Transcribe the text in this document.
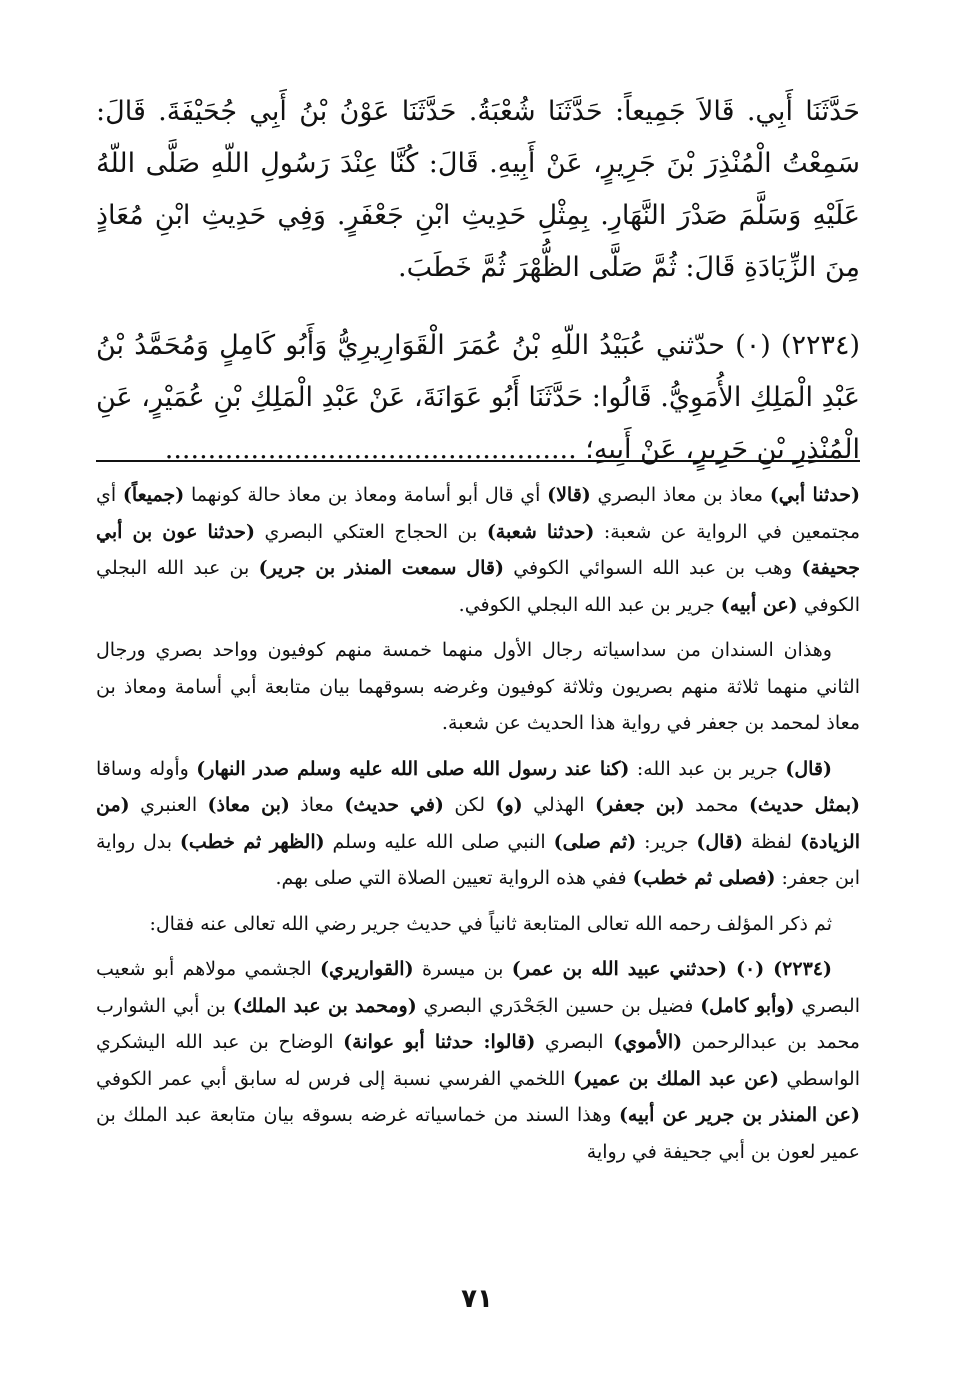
حَدَّثَنَا أَبِي. قَالاَ جَمِيعاً: حَدَّثَنَا شُعْبَةُ. حَدَّثَنَا عَوْنُ بْنُ أَبِي جُحَيْفَةَ. قَالَ: سَمِعْتُ الْمُنْذِرَ بْنَ جَرِيرٍ، عَنْ أَبِيهِ. قَالَ: كُنَّا عِنْدَ رَسُولِ اللّهِ صَلَّى اللّهُ عَلَيْهِ وَسَلَّمَ صَدْرَ النَّهَارِ. بِمِثْلِ حَدِيثِ ابْنِ جَعْفَرٍ. وَفِي حَدِيثِ ابْنِ مُعَاذٍ مِنَ الزِّيَادَةِ قَالَ: ثُمَّ صَلَّى الظُّهْرَ ثُمَّ خَطَبَ.

(٢٢٣٤) (٠) حدّثني عُبَيْدُ اللّهِ بْنُ عُمَرَ الْقَوَارِيرِيُّ وَأَبُو كَامِلٍ وَمُحَمَّدُ بْنُ عَبْدِ الْمَلِكِ الأُمَوِيُّ. قَالُوا: حَدَّثَنَا أَبُو عَوَانَةَ، عَنْ عَبْدِ الْمَلِكِ بْنِ عُمَيْرٍ، عَنِ الْمُنْذِرِ بْنِ جَرِيرٍ، عَنْ أَبِيهِ؛ ................................................

(حدثنا أبي) معاذ بن معاذ البصري (قالا) أي قال أبو أسامة ومعاذ بن معاذ حالة كونهما (جميعاً) أي مجتمعين في الرواية عن شعبة: (حدثنا شعبة) بن الحجاج العتكي البصري (حدثنا عون بن أبي جحيفة) وهب بن عبد الله السوائي الكوفي (قال سمعت المنذر بن جرير) بن عبد الله البجلي الكوفي (عن أبيه) جرير بن عبد الله البجلي الكوفي.

وهذان السندان من سداسياته رجال الأول منهما خمسة منهم كوفيون وواحد بصري ورجال الثاني منهما ثلاثة منهم بصريون وثلاثة كوفيون وغرضه بسوقهما بيان متابعة أبي أسامة ومعاذ بن معاذ لمحمد بن جعفر في رواية هذا الحديث عن شعبة.

(قال) جرير بن عبد الله: (كنا عند رسول الله صلى الله عليه وسلم صدر النهار) وأوله وساقا (بمثل حديث) محمد (بن جعفر) الهذلي (و) لكن (في حديث) معاذ (بن معاذ) العنبري (من الزيادة) لفظة (قال) جرير: (ثم صلى) النبي صلى الله عليه وسلم (الظهر ثم خطب) بدل رواية ابن جعفر: (فصلى ثم خطب) ففي هذه الرواية تعيين الصلاة التي صلى بهم.

ثم ذكر المؤلف رحمه الله تعالى المتابعة ثانياً في حديث جرير رضي الله تعالى عنه فقال:

(٢٢٣٤) (٠) (حدثني عبيد الله بن عمر) بن ميسرة (القواريري) الجشمي مولاهم أبو شعيب البصري (وأبو كامل) فضيل بن حسين الجَحْدَري البصري (ومحمد بن عبد الملك) بن أبي الشوارب محمد بن عبدالرحمن (الأموي) البصري (قالوا: حدثنا أبو عوانة) الوضاح بن عبد الله اليشكري الواسطي (عن عبد الملك بن عمير) اللخمي الفرسي نسبة إلى فرس له سابق أبي عمر الكوفي (عن المنذر بن جرير عن أبيه) وهذا السند من خماسياته غرضه بسوقه بيان متابعة عبد الملك بن عمير لعون بن أبي جحيفة في رواية

٧١
